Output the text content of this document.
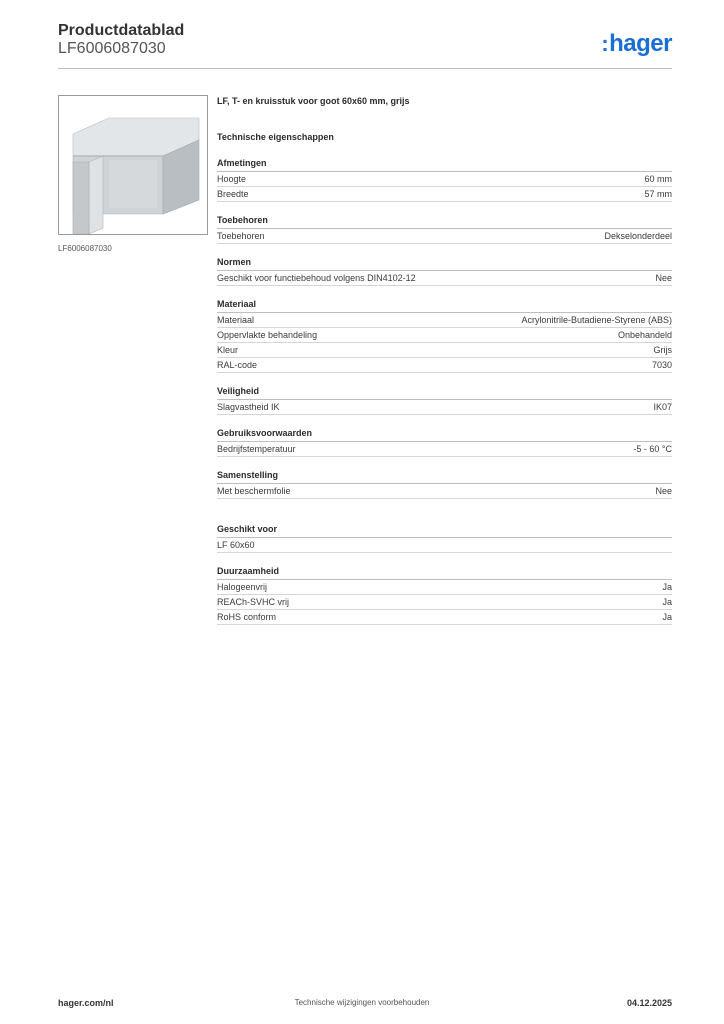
Productdatablad
LF6006087030	:hager
LF6006087030
LF, T- en kruisstuk voor goot 60x60 mm, grijs
Technische eigenschappen
Afmetingen
Hoogte	60 mm
Breedte	57 mm
Toebehoren
Toebehoren	Dekselonderdeel
Normen
Geschikt voor functiebehoud volgens DIN4102-12	Nee
Materiaal
Materiaal	Acrylonitrile-Butadiene-Styrene (ABS)
Oppervlakte behandeling	Onbehandeld
Kleur	Grijs
RAL-code	7030
Veiligheid
Slagvastheid IK	IK07
Gebruiksvoorwaarden
Bedrijfstemperatuur	-5 - 60 °C
Samenstelling
Met beschermfolie	Nee
Geschikt voor
LF 60x60
Duurzaamheid
Halogeenvrij	Ja
REACh-SVHC vrij	Ja
RoHS conform	Ja
hager.com/nl	Technische wijzigingen voorbehouden	04.12.2025
